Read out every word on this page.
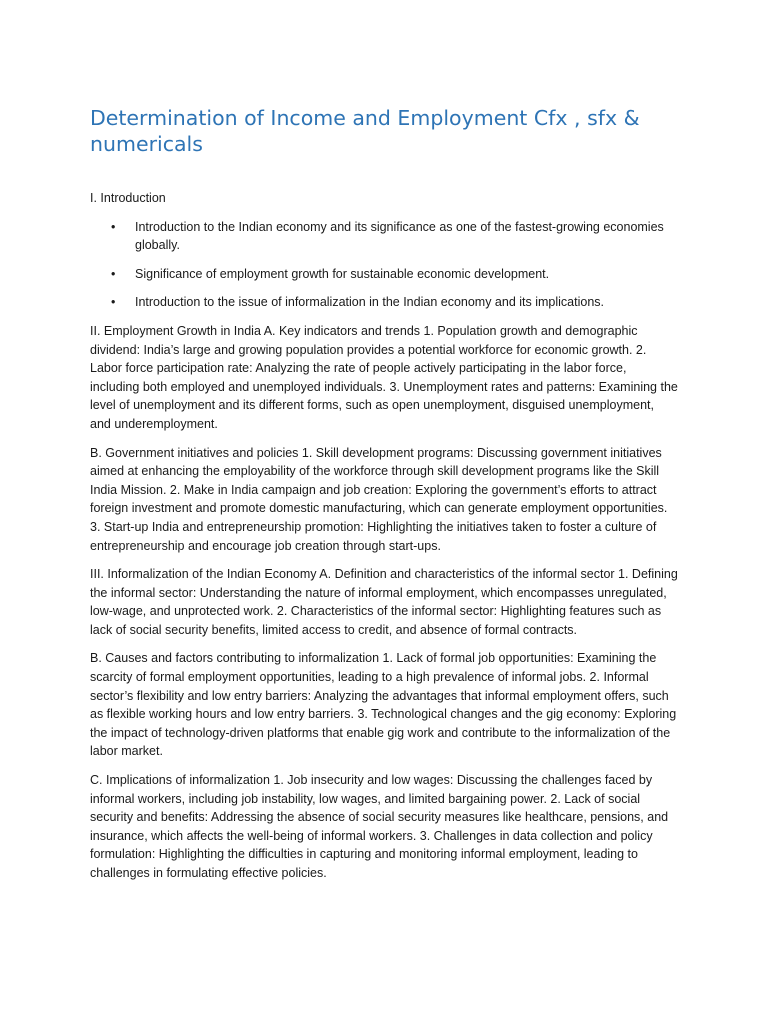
Determination of Income and Employment Cfx , sfx & numericals
I. Introduction
• Introduction to the Indian economy and its significance as one of the fastest-growing economies globally.
• Significance of employment growth for sustainable economic development.
• Introduction to the issue of informalization in the Indian economy and its implications.

II. Employment Growth in India A. Key indicators and trends 1. Population growth and demographic dividend: India’s large and growing population provides a potential workforce for economic growth. 2. Labor force participation rate: Analyzing the rate of people actively participating in the labor force, including both employed and unemployed individuals. 3. Unemployment rates and patterns: Examining the level of unemployment and its different forms, such as open unemployment, disguised unemployment, and underemployment.

B. Government initiatives and policies 1. Skill development programs: Discussing government initiatives aimed at enhancing the employability of the workforce through skill development programs like the Skill India Mission. 2. Make in India campaign and job creation: Exploring the government’s efforts to attract foreign investment and promote domestic manufacturing, which can generate employment opportunities. 3. Start-up India and entrepreneurship promotion: Highlighting the initiatives taken to foster a culture of entrepreneurship and encourage job creation through start-ups.

III. Informalization of the Indian Economy A. Definition and characteristics of the informal sector 1. Defining the informal sector: Understanding the nature of informal employment, which encompasses unregulated, low-wage, and unprotected work. 2. Characteristics of the informal sector: Highlighting features such as lack of social security benefits, limited access to credit, and absence of formal contracts.

B. Causes and factors contributing to informalization 1. Lack of formal job opportunities: Examining the scarcity of formal employment opportunities, leading to a high prevalence of informal jobs. 2. Informal sector’s flexibility and low entry barriers: Analyzing the advantages that informal employment offers, such as flexible working hours and low entry barriers. 3. Technological changes and the gig economy: Exploring the impact of technology-driven platforms that enable gig work and contribute to the informalization of the labor market.

C. Implications of informalization 1. Job insecurity and low wages: Discussing the challenges faced by informal workers, including job instability, low wages, and limited bargaining power. 2. Lack of social security and benefits: Addressing the absence of social security measures like healthcare, pensions, and insurance, which affects the well-being of informal workers. 3. Challenges in data collection and policy formulation: Highlighting the difficulties in capturing and monitoring informal employment, leading to challenges in formulating effective policies.
